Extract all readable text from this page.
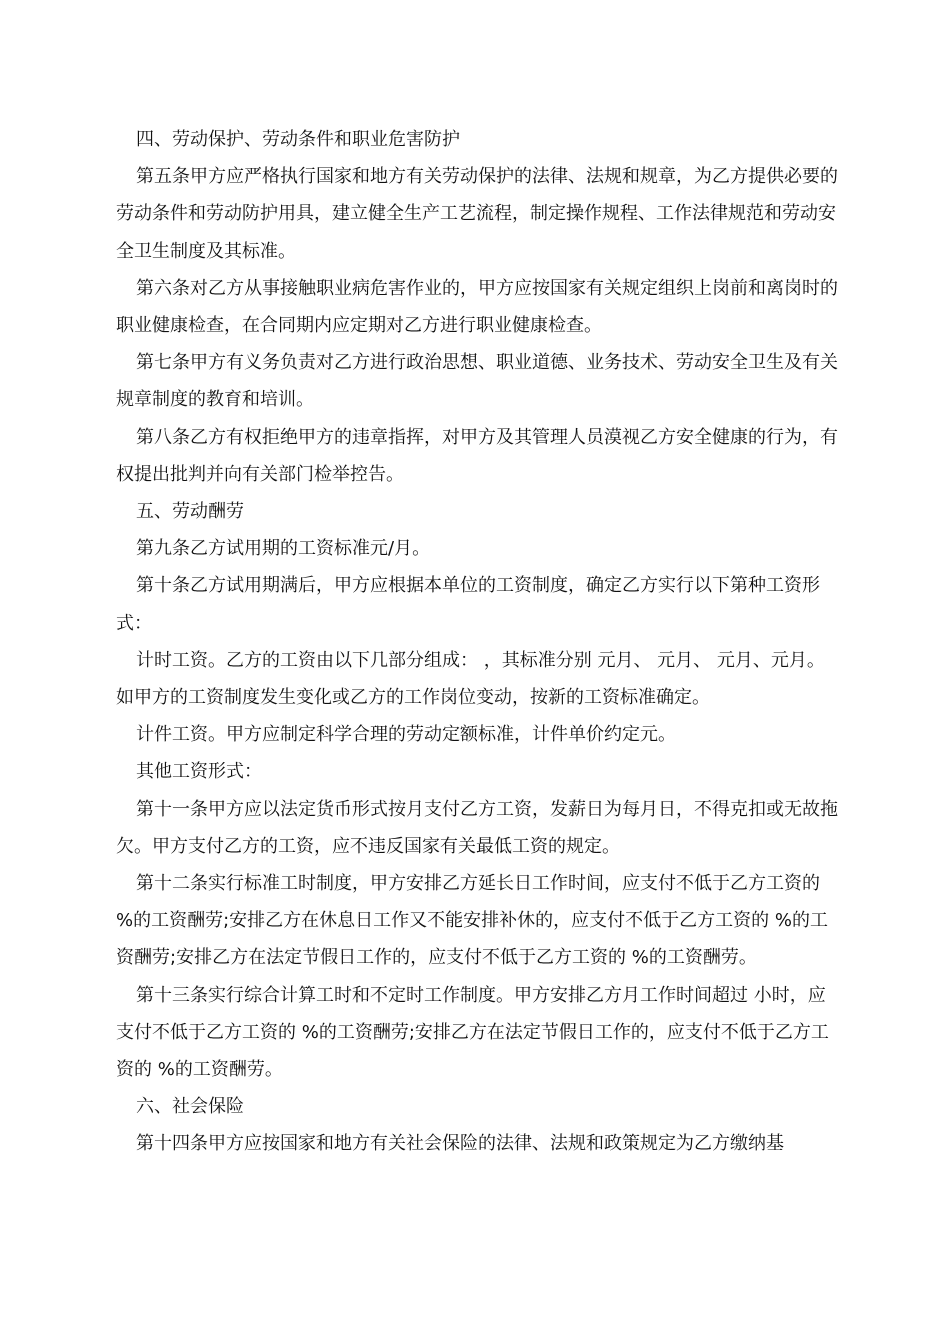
四、劳动保护、劳动条件和职业危害防护

第五条甲方应严格执行国家和地方有关劳动保护的法律、法规和规章，为乙方提供必要的劳动条件和劳动防护用具，建立健全生产工艺流程，制定操作规程、工作法律规范和劳动安全卫生制度及其标准。

第六条对乙方从事接触职业病危害作业的，甲方应按国家有关规定组织上岗前和离岗时的职业健康检查，在合同期内应定期对乙方进行职业健康检查。

第七条甲方有义务负责对乙方进行政治思想、职业道德、业务技术、劳动安全卫生及有关规章制度的教育和培训。

第八条乙方有权拒绝甲方的违章指挥，对甲方及其管理人员漠视乙方安全健康的行为，有权提出批判并向有关部门检举控告。

五、劳动酬劳

第九条乙方试用期的工资标准元/月。

第十条乙方试用期满后，甲方应根据本单位的工资制度，确定乙方实行以下第种工资形式：

计时工资。乙方的工资由以下几部分组成： ，其标准分别 元月、 元月、 元月、元月。如甲方的工资制度发生变化或乙方的工作岗位变动，按新的工资标准确定。

计件工资。甲方应制定科学合理的劳动定额标准，计件单价约定元。

其他工资形式：

第十一条甲方应以法定货币形式按月支付乙方工资，发薪日为每月日，不得克扣或无故拖欠。甲方支付乙方的工资，应不违反国家有关最低工资的规定。

第十二条实行标准工时制度，甲方安排乙方延长日工作时间，应支付不低于乙方工资的 %的工资酬劳;安排乙方在休息日工作又不能安排补休的，应支付不低于乙方工资的 %的工资酬劳;安排乙方在法定节假日工作的，应支付不低于乙方工资的 %的工资酬劳。

第十三条实行综合计算工时和不定时工作制度。甲方安排乙方月工作时间超过 小时，应支付不低于乙方工资的 %的工资酬劳;安排乙方在法定节假日工作的，应支付不低于乙方工资的 %的工资酬劳。

六、社会保险

第十四条甲方应按国家和地方有关社会保险的法律、法规和政策规定为乙方缴纳基
